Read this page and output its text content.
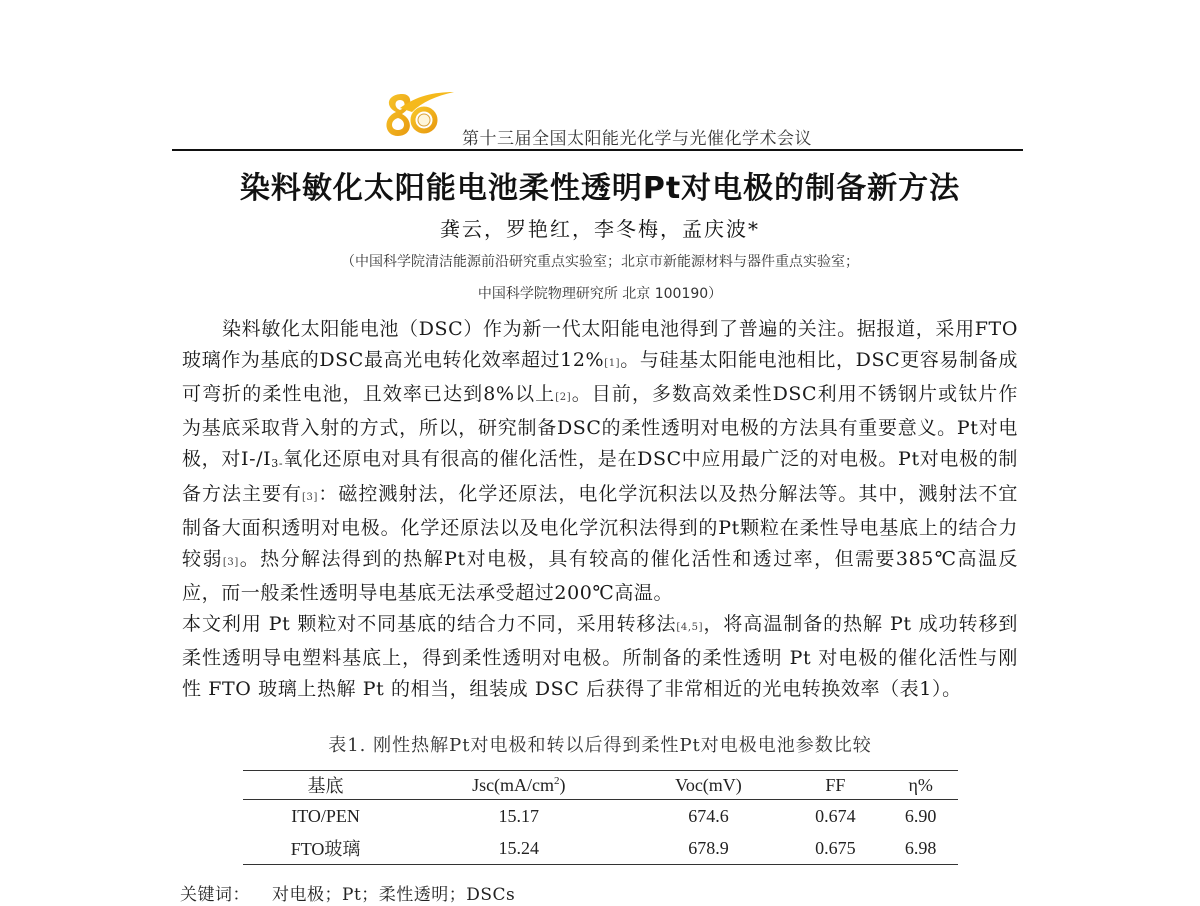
第十三届全国太阳能光化学与光催化学术会议
染料敏化太阳能电池柔性透明Pt对电极的制备新方法
龚云，罗艳红，李冬梅，孟庆波*
（中国科学院清洁能源前沿研究重点实验室；北京市新能源材料与器件重点实验室；
中国科学院物理研究所 北京 100190）

染料敏化太阳能电池（DSC）作为新一代太阳能电池得到了普遍的关注。据报道，采用FTO玻璃作为基底的DSC最高光电转化效率超过12%[1]。与硅基太阳能电池相比，DSC更容易制备成可弯折的柔性电池，且效率已达到8%以上[2]。目前，多数高效柔性DSC利用不锈钢片或钛片作为基底采取背入射的方式，所以，研究制备DSC的柔性透明对电极的方法具有重要意义。Pt对电极，对I-/I3-氧化还原电对具有很高的催化活性，是在DSC中应用最广泛的对电极。Pt对电极的制备方法主要有[3]：磁控溅射法，化学还原法，电化学沉积法以及热分解法等。其中，溅射法不宜制备大面积透明对电极。化学还原法以及电化学沉积法得到的Pt颗粒在柔性导电基底上的结合力较弱[3]。热分解法得到的热解Pt对电极，具有较高的催化活性和透过率，但需要385℃高温反应，而一般柔性透明导电基底无法承受超过200℃高温。

本文利用 Pt 颗粒对不同基底的结合力不同，采用转移法[4,5]，将高温制备的热解 Pt 成功转移到柔性透明导电塑料基底上，得到柔性透明对电极。所制备的柔性透明 Pt 对电极的催化活性与刚性 FTO 玻璃上热解 Pt 的相当，组装成 DSC 后获得了非常相近的光电转换效率（表1）。

表1. 刚性热解Pt对电极和转以后得到柔性Pt对电极电池参数比较
基底	$Jsc(mA/cm^2)$	Voc(mV)	FF	η%
ITO/PEN	15.17	674.6	0.674	6.90
FTO玻璃	15.24	678.9	0.675	6.98
关键词： 对电极；Pt；柔性透明；DSCs
